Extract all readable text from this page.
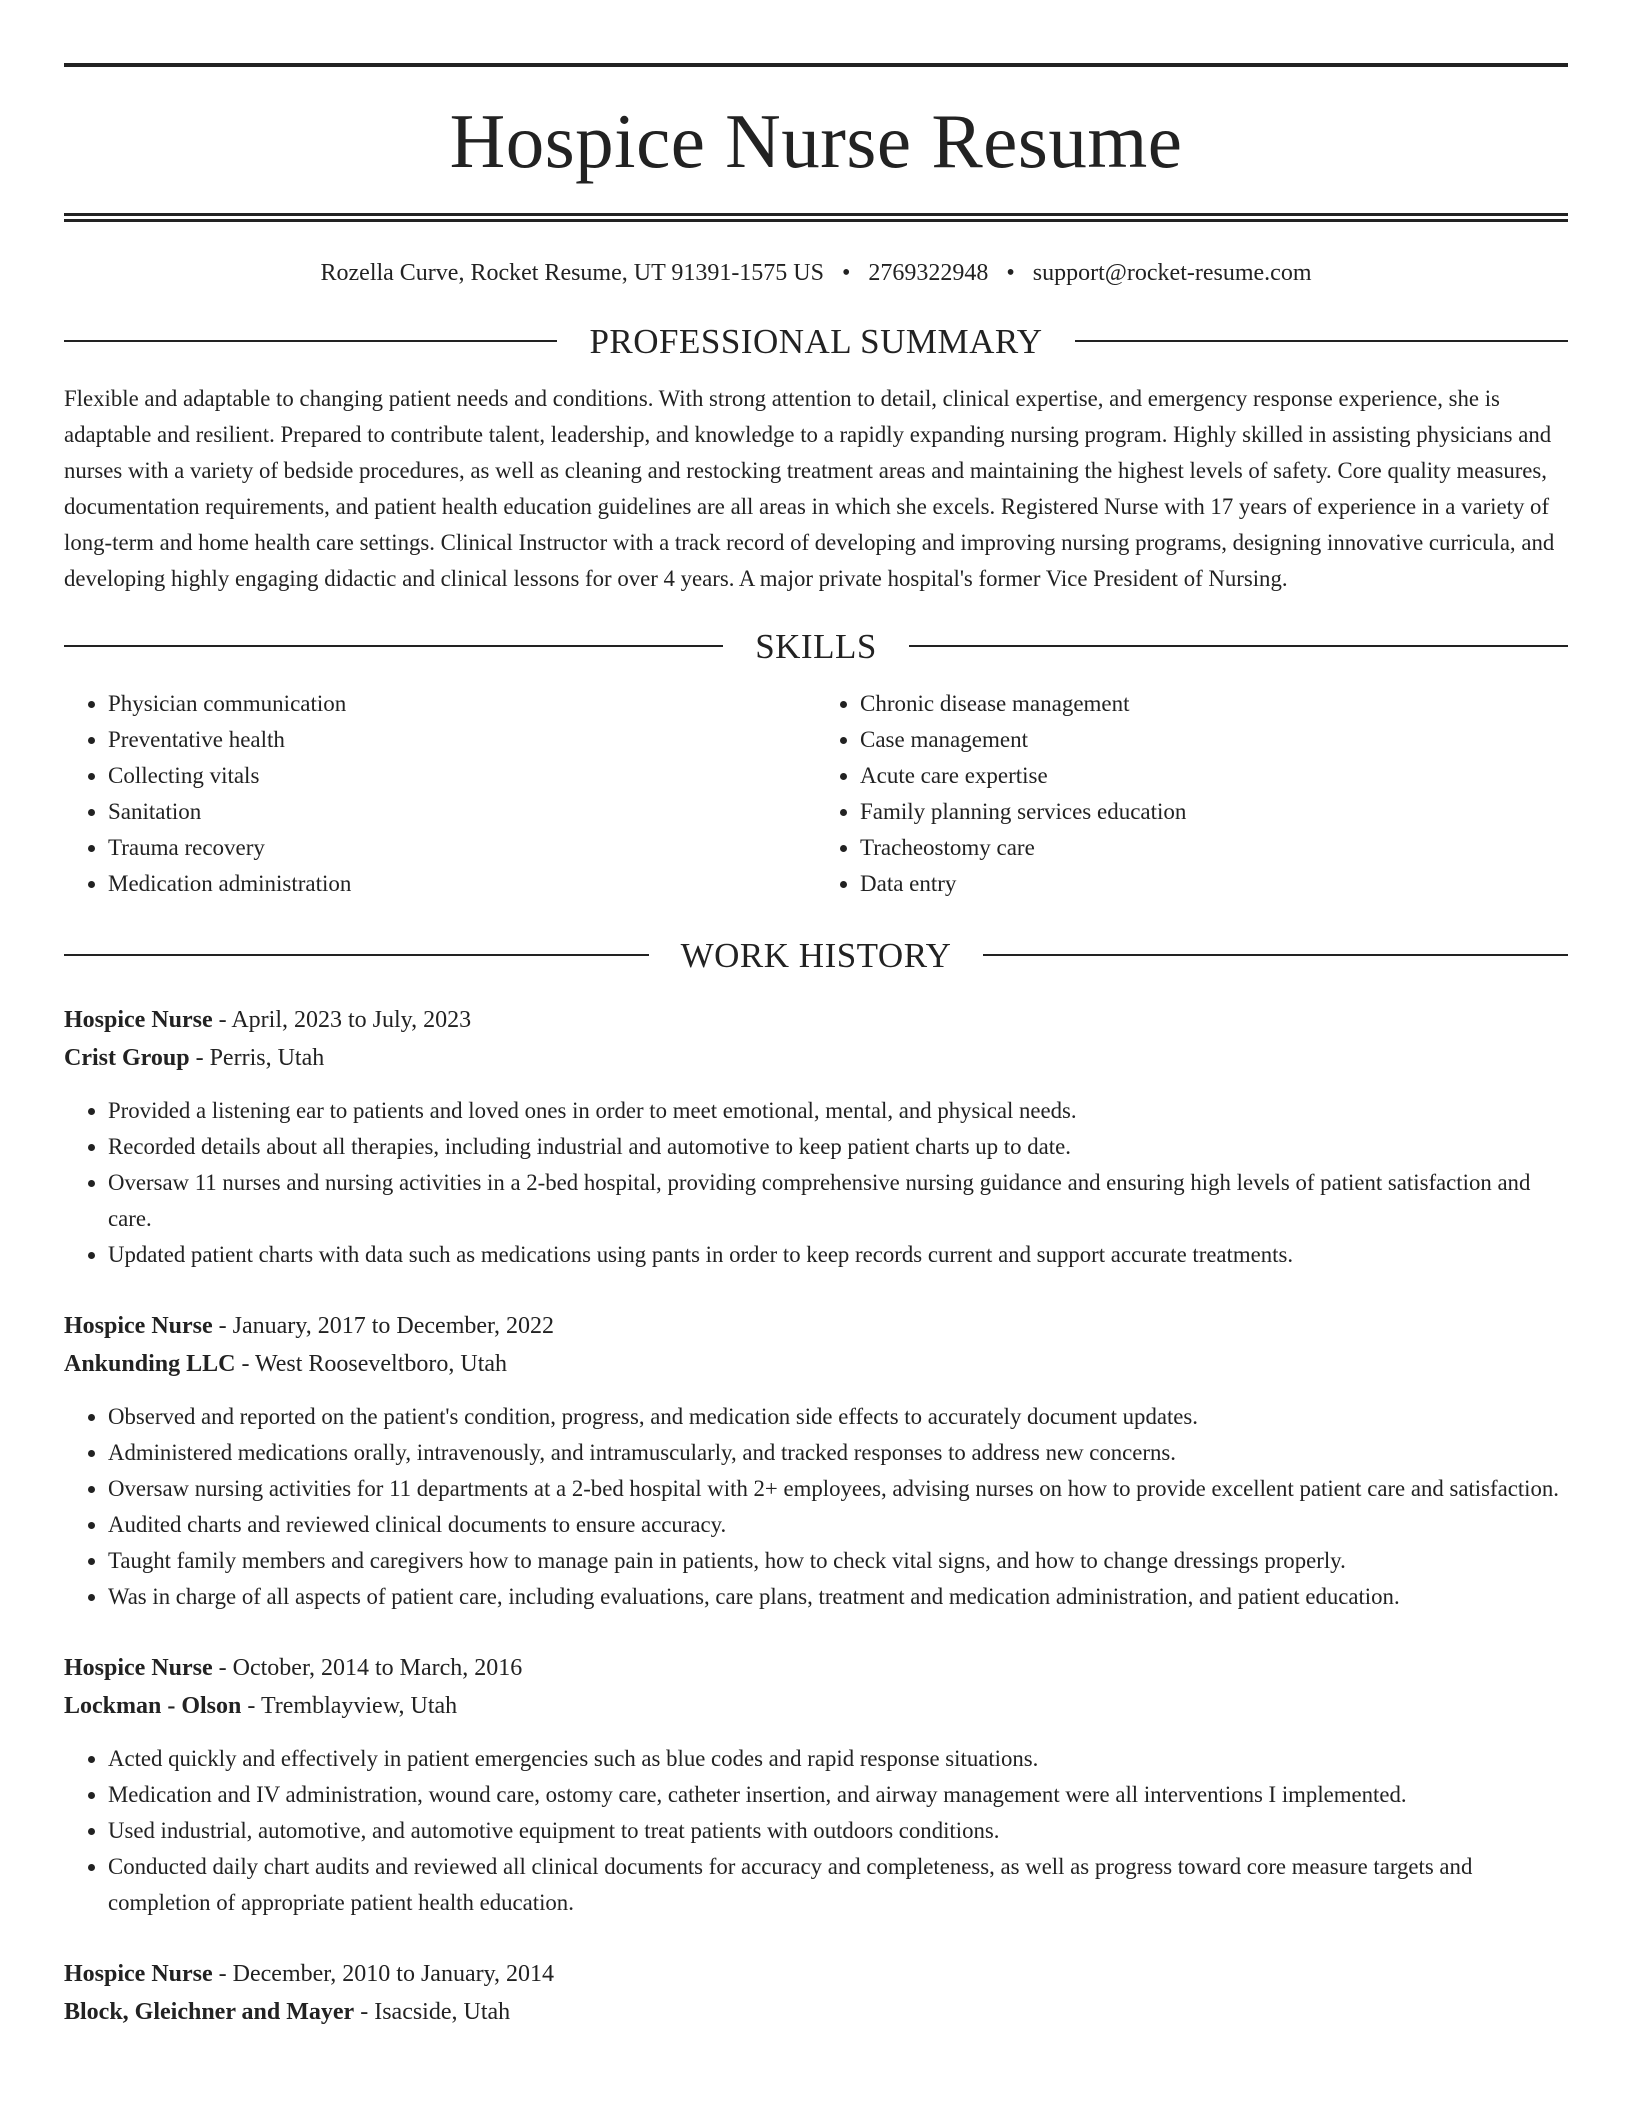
Hospice Nurse Resume
Rozella Curve, Rocket Resume, UT 91391-1575 US • 2769322948 • support@rocket-resume.com
PROFESSIONAL SUMMARY
Flexible and adaptable to changing patient needs and conditions. With strong attention to detail, clinical expertise, and emergency response experience, she is adaptable and resilient. Prepared to contribute talent, leadership, and knowledge to a rapidly expanding nursing program. Highly skilled in assisting physicians and nurses with a variety of bedside procedures, as well as cleaning and restocking treatment areas and maintaining the highest levels of safety. Core quality measures, documentation requirements, and patient health education guidelines are all areas in which she excels. Registered Nurse with 17 years of experience in a variety of long-term and home health care settings. Clinical Instructor with a track record of developing and improving nursing programs, designing innovative curricula, and developing highly engaging didactic and clinical lessons for over 4 years. A major private hospital's former Vice President of Nursing.
SKILLS
• Physician communication
• Preventative health
• Collecting vitals
• Sanitation
• Trauma recovery
• Medication administration
• Chronic disease management
• Case management
• Acute care expertise
• Family planning services education
• Tracheostomy care
• Data entry
WORK HISTORY
Hospice Nurse - April, 2023 to July, 2023
Crist Group - Perris, Utah
• Provided a listening ear to patients and loved ones in order to meet emotional, mental, and physical needs.
• Recorded details about all therapies, including industrial and automotive to keep patient charts up to date.
• Oversaw 11 nurses and nursing activities in a 2-bed hospital, providing comprehensive nursing guidance and ensuring high levels of patient satisfaction and care.
• Updated patient charts with data such as medications using pants in order to keep records current and support accurate treatments.
Hospice Nurse - January, 2017 to December, 2022
Ankunding LLC - West Rooseveltboro, Utah
• Observed and reported on the patient's condition, progress, and medication side effects to accurately document updates.
• Administered medications orally, intravenously, and intramuscularly, and tracked responses to address new concerns.
• Oversaw nursing activities for 11 departments at a 2-bed hospital with 2+ employees, advising nurses on how to provide excellent patient care and satisfaction.
• Audited charts and reviewed clinical documents to ensure accuracy.
• Taught family members and caregivers how to manage pain in patients, how to check vital signs, and how to change dressings properly.
• Was in charge of all aspects of patient care, including evaluations, care plans, treatment and medication administration, and patient education.
Hospice Nurse - October, 2014 to March, 2016
Lockman - Olson - Tremblayview, Utah
• Acted quickly and effectively in patient emergencies such as blue codes and rapid response situations.
• Medication and IV administration, wound care, ostomy care, catheter insertion, and airway management were all interventions I implemented.
• Used industrial, automotive, and automotive equipment to treat patients with outdoors conditions.
• Conducted daily chart audits and reviewed all clinical documents for accuracy and completeness, as well as progress toward core measure targets and completion of appropriate patient health education.
Hospice Nurse - December, 2010 to January, 2014
Block, Gleichner and Mayer - Isacside, Utah
